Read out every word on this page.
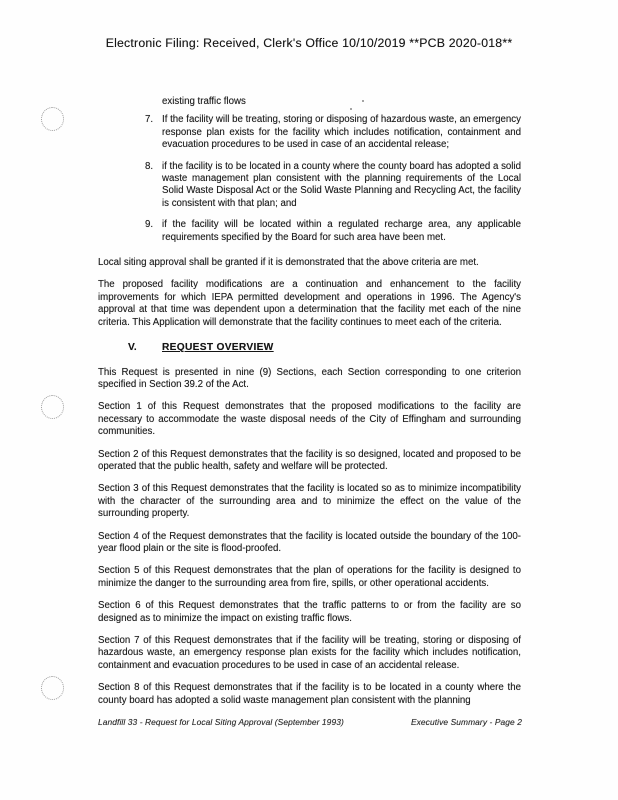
Electronic Filing: Received, Clerk's Office 10/10/2019 **PCB 2020-018**

existing traffic flows

7. If the facility will be treating, storing or disposing of hazardous waste, an emergency response plan exists for the facility which includes notification, containment and evacuation procedures to be used in case of an accidental release;
8. if the facility is to be located in a county where the county board has adopted a solid waste management plan consistent with the planning requirements of the Local Solid Waste Disposal Act or the Solid Waste Planning and Recycling Act, the facility is consistent with that plan; and
9. if the facility will be located within a regulated recharge area, any applicable requirements specified by the Board for such area have been met.

Local siting approval shall be granted if it is demonstrated that the above criteria are met.

The proposed facility modifications are a continuation and enhancement to the facility improvements for which IEPA permitted development and operations in 1996. The Agency's approval at that time was dependent upon a determination that the facility met each of the nine criteria. This Application will demonstrate that the facility continues to meet each of the criteria.

V. REQUEST OVERVIEW

This Request is presented in nine (9) Sections, each Section corresponding to one criterion specified in Section 39.2 of the Act.

Section 1 of this Request demonstrates that the proposed modifications to the facility are necessary to accommodate the waste disposal needs of the City of Effingham and surrounding communities.

Section 2 of this Request demonstrates that the facility is so designed, located and proposed to be operated that the public health, safety and welfare will be protected.

Section 3 of this Request demonstrates that the facility is located so as to minimize incompatibility with the character of the surrounding area and to minimize the effect on the value of the surrounding property.

Section 4 of the Request demonstrates that the facility is located outside the boundary of the 100-year flood plain or the site is flood-proofed.

Section 5 of this Request demonstrates that the plan of operations for the facility is designed to minimize the danger to the surrounding area from fire, spills, or other operational accidents.

Section 6 of this Request demonstrates that the traffic patterns to or from the facility are so designed as to minimize the impact on existing traffic flows.

Section 7 of this Request demonstrates that if the facility will be treating, storing or disposing of hazardous waste, an emergency response plan exists for the facility which includes notification, containment and evacuation procedures to be used in case of an accidental release.

Section 8 of this Request demonstrates that if the facility is to be located in a county where the county board has adopted a solid waste management plan consistent with the planning

Landfill 33 - Request for Local Siting Approval (September 1993)	Executive Summary - Page 2
